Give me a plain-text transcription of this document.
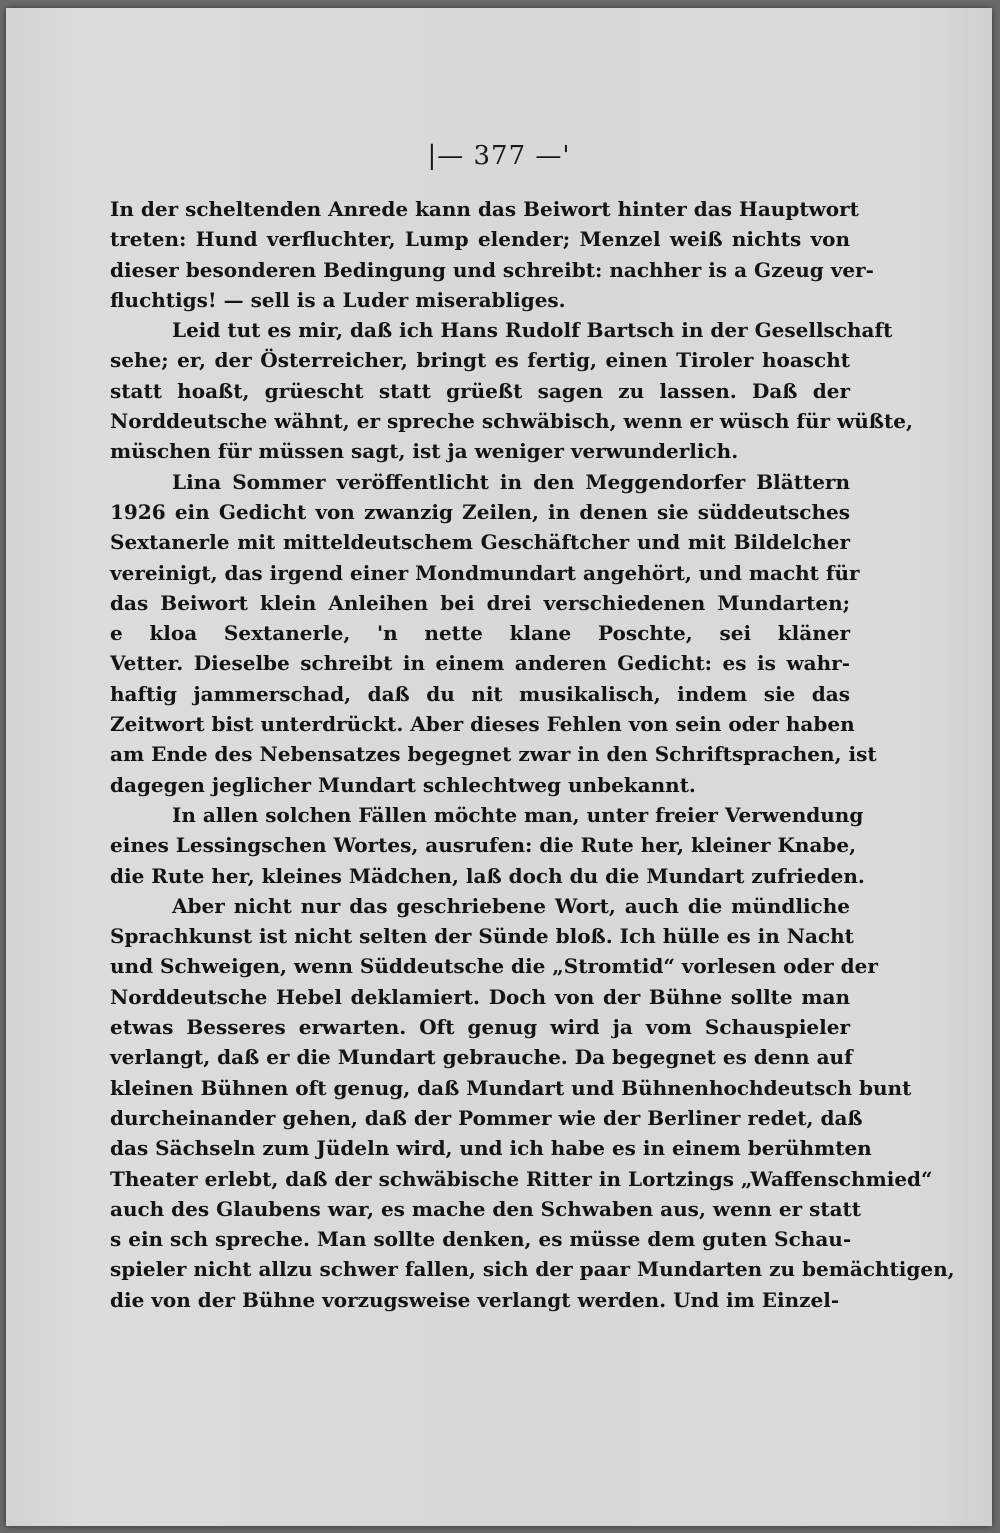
|— 377 —'
In der scheltenden Anrede kann das Beiwort hinter das Hauptwort
treten: Hund verfluchter, Lump elender; Menzel weiß nichts von
dieser besonderen Bedingung und schreibt: nachher is a Gzeug ver-
fluchtigs! — sell is a Luder miserabliges.
Leid tut es mir, daß ich Hans Rudolf Bartsch in der Gesellschaft
sehe; er, der Österreicher, bringt es fertig, einen Tiroler hoascht
statt hoaßt, grüescht statt grüeßt sagen zu lassen. Daß der
Norddeutsche wähnt, er spreche schwäbisch, wenn er wüsch für wüßte,
müschen für müssen sagt, ist ja weniger verwunderlich.
Lina Sommer veröffentlicht in den Meggendorfer Blättern
1926 ein Gedicht von zwanzig Zeilen, in denen sie süddeutsches
Sextanerle mit mitteldeutschem Geschäftcher und mit Bildelcher
vereinigt, das irgend einer Mondmundart angehört, und macht für
das Beiwort klein Anleihen bei drei verschiedenen Mundarten;
e kloa Sextanerle, 'n nette klane Poschte, sei kläner
Vetter. Dieselbe schreibt in einem anderen Gedicht: es is wahr-
haftig jammerschad, daß du nit musikalisch, indem sie das
Zeitwort bist unterdrückt. Aber dieses Fehlen von sein oder haben
am Ende des Nebensatzes begegnet zwar in den Schriftsprachen, ist
dagegen jeglicher Mundart schlechtweg unbekannt.
In allen solchen Fällen möchte man, unter freier Verwendung
eines Lessingschen Wortes, ausrufen: die Rute her, kleiner Knabe,
die Rute her, kleines Mädchen, laß doch du die Mundart zufrieden.
Aber nicht nur das geschriebene Wort, auch die mündliche
Sprachkunst ist nicht selten der Sünde bloß. Ich hülle es in Nacht
und Schweigen, wenn Süddeutsche die „Stromtid“ vorlesen oder der
Norddeutsche Hebel deklamiert. Doch von der Bühne sollte man
etwas Besseres erwarten. Oft genug wird ja vom Schauspieler
verlangt, daß er die Mundart gebrauche. Da begegnet es denn auf
kleinen Bühnen oft genug, daß Mundart und Bühnenhochdeutsch bunt
durcheinander gehen, daß der Pommer wie der Berliner redet, daß
das Sächseln zum Jüdeln wird, und ich habe es in einem berühmten
Theater erlebt, daß der schwäbische Ritter in Lortzings „Waffenschmied“
auch des Glaubens war, es mache den Schwaben aus, wenn er statt
s ein sch spreche. Man sollte denken, es müsse dem guten Schau-
spieler nicht allzu schwer fallen, sich der paar Mundarten zu bemächtigen,
die von der Bühne vorzugsweise verlangt werden. Und im Einzel-
